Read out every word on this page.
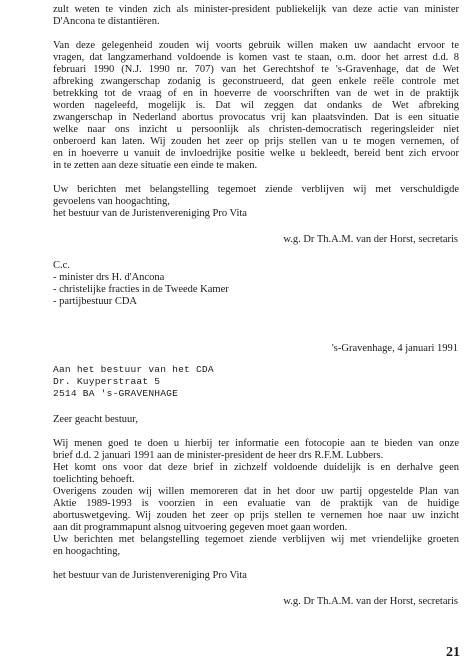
zult weten te vinden zich als minister-president publiekelijk van deze actie van minister
D'Ancona te distantiëren.
Van deze gelegenheid zouden wij voorts gebruik willen maken uw aandacht ervoor te
vragen, dat langzamerhand voldoende is komen vast te staan, o.m. door het arrest d.d. 8
februari 1990 (N.J. 1990 nr. 707) van het Gerechtshof te 's-Gravenhage, dat de Wet
afbreking zwangerschap zodanig is geconstrueerd, dat geen enkele reële controle met
betrekking tot de vraag of en in hoeverre de voorschriften van de wet in de praktijk
worden nageleefd, mogelijk is. Dat wil zeggen dat ondanks de Wet afbreking
zwangerschap in Nederland abortus provocatus vrij kan plaatsvinden. Dat is een situatie
welke naar ons inzicht u persoonlijk als christen-democratisch regeringsleider niet
onberoerd kan laten. Wij zouden het zeer op prijs stellen van u te mogen vernemen, of
en in hoeverre u vanuit de invloedrijke positie welke u bekleedt, bereid bent zich ervoor
in te zetten aan deze situatie een einde te maken.
Uw berichten met belangstelling tegemoet ziende verblijven wij met verschuldigde
gevoelens van hoogachting,
het bestuur van de Juristenvereniging Pro Vita
w.g. Dr Th.A.M. van der Horst, secretaris
C.c.
- minister drs H. d'Ancona
- christelijke fracties in de Tweede Kamer
- partijbestuur CDA
's-Gravenhage, 4 januari 1991
Aan het bestuur van het CDA
Dr. Kuyperstraat 5
2514 BA 's-GRAVENHAGE
Zeer geacht bestuur,
Wij menen goed te doen u hierbij ter informatie een fotocopie aan te bieden van onze
brief d.d. 2 januari 1991 aan de minister-president de heer drs R.F.M. Lubbers.
Het komt ons voor dat deze brief in zichzelf voldoende duidelijk is en derhalve geen
toelichting behoeft.
Overigens zouden wij willen memoreren dat in het door uw partij opgestelde Plan van
Aktie 1989-1993 is voorzien in een evaluatie van de praktijk van de huidige
abortuswetgeving. Wij zouden het zeer op prijs stellen te vernemen hoe naar uw inzicht
aan dit programmapunt alsnog uitvoering gegeven moet gaan worden.
Uw berichten met belangstelling tegemoet ziende verblijven wij met vriendelijke groeten
en hoogachting,
het bestuur van de Juristenvereniging Pro Vita
w.g. Dr Th.A.M. van der Horst, secretaris
21
